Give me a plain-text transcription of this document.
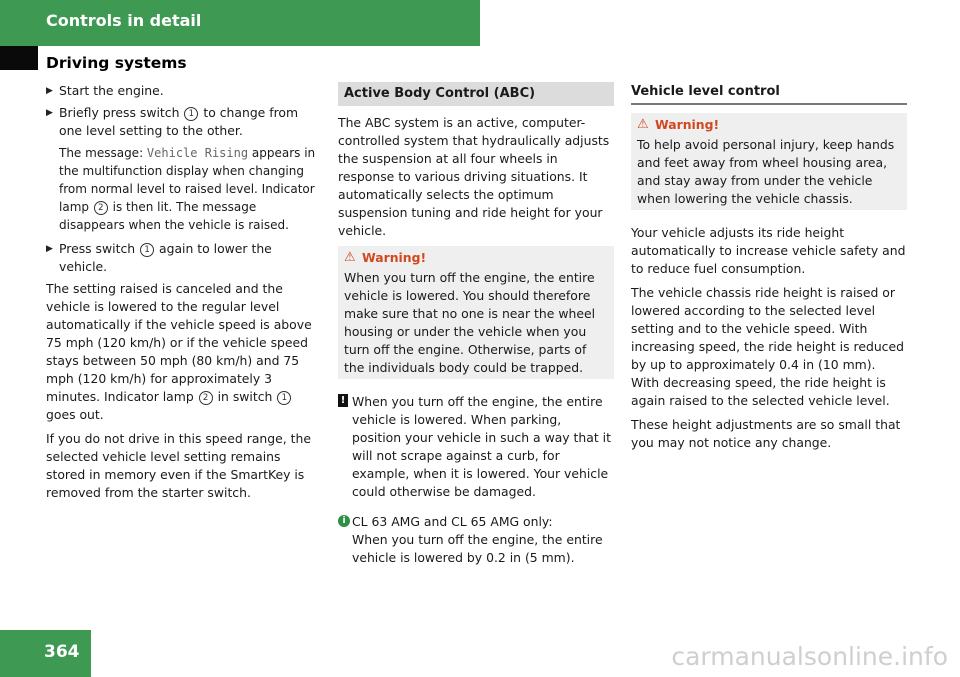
Controls in detail
Driving systems
▶ Start the engine.
▶ Briefly press switch 1 to change from one level setting to the other.

The message: Vehicle Rising appears in the multifunction display when changing from normal level to raised level. Indicator lamp 2 is then lit. The message disappears when the vehicle is raised.

▶ Press switch 1 again to lower the vehicle.

The setting raised is canceled and the vehicle is lowered to the regular level automatically if the vehicle speed is above 75 mph (120 km/h) or if the vehicle speed stays between 50 mph (80 km/h) and 75 mph (120 km/h) for approximately 3 minutes. Indicator lamp 2 in switch 1 goes out.

If you do not drive in this speed range, the selected vehicle level setting remains stored in memory even if the SmartKey is removed from the starter switch.

Active Body Control (ABC)

The ABC system is an active, computer-controlled system that hydraulically adjusts the suspension at all four wheels in response to various driving situations. It automatically selects the optimum suspension tuning and ride height for your vehicle.

⚠ Warning!
When you turn off the engine, the entire vehicle is lowered. You should therefore make sure that no one is near the wheel housing or under the vehicle when you turn off the engine. Otherwise, parts of the individuals body could be trapped.
! When you turn off the engine, the entire vehicle is lowered. When parking, position your vehicle in such a way that it will not scrape against a curb, for example, when it is lowered. Your vehicle could otherwise be damaged.
i CL 63 AMG and CL 65 AMG only:
When you turn off the engine, the entire vehicle is lowered by 0.2 in (5 mm).
Vehicle level control
⚠ Warning!
To help avoid personal injury, keep hands and feet away from wheel housing area, and stay away from under the vehicle when lowering the vehicle chassis.

Your vehicle adjusts its ride height automatically to increase vehicle safety and to reduce fuel consumption.

The vehicle chassis ride height is raised or lowered according to the selected level setting and to the vehicle speed. With increasing speed, the ride height is reduced by up to approximately 0.4 in (10 mm). With decreasing speed, the ride height is again raised to the selected vehicle level.

These height adjustments are so small that you may not notice any change.

364	carmanualsonline.info
